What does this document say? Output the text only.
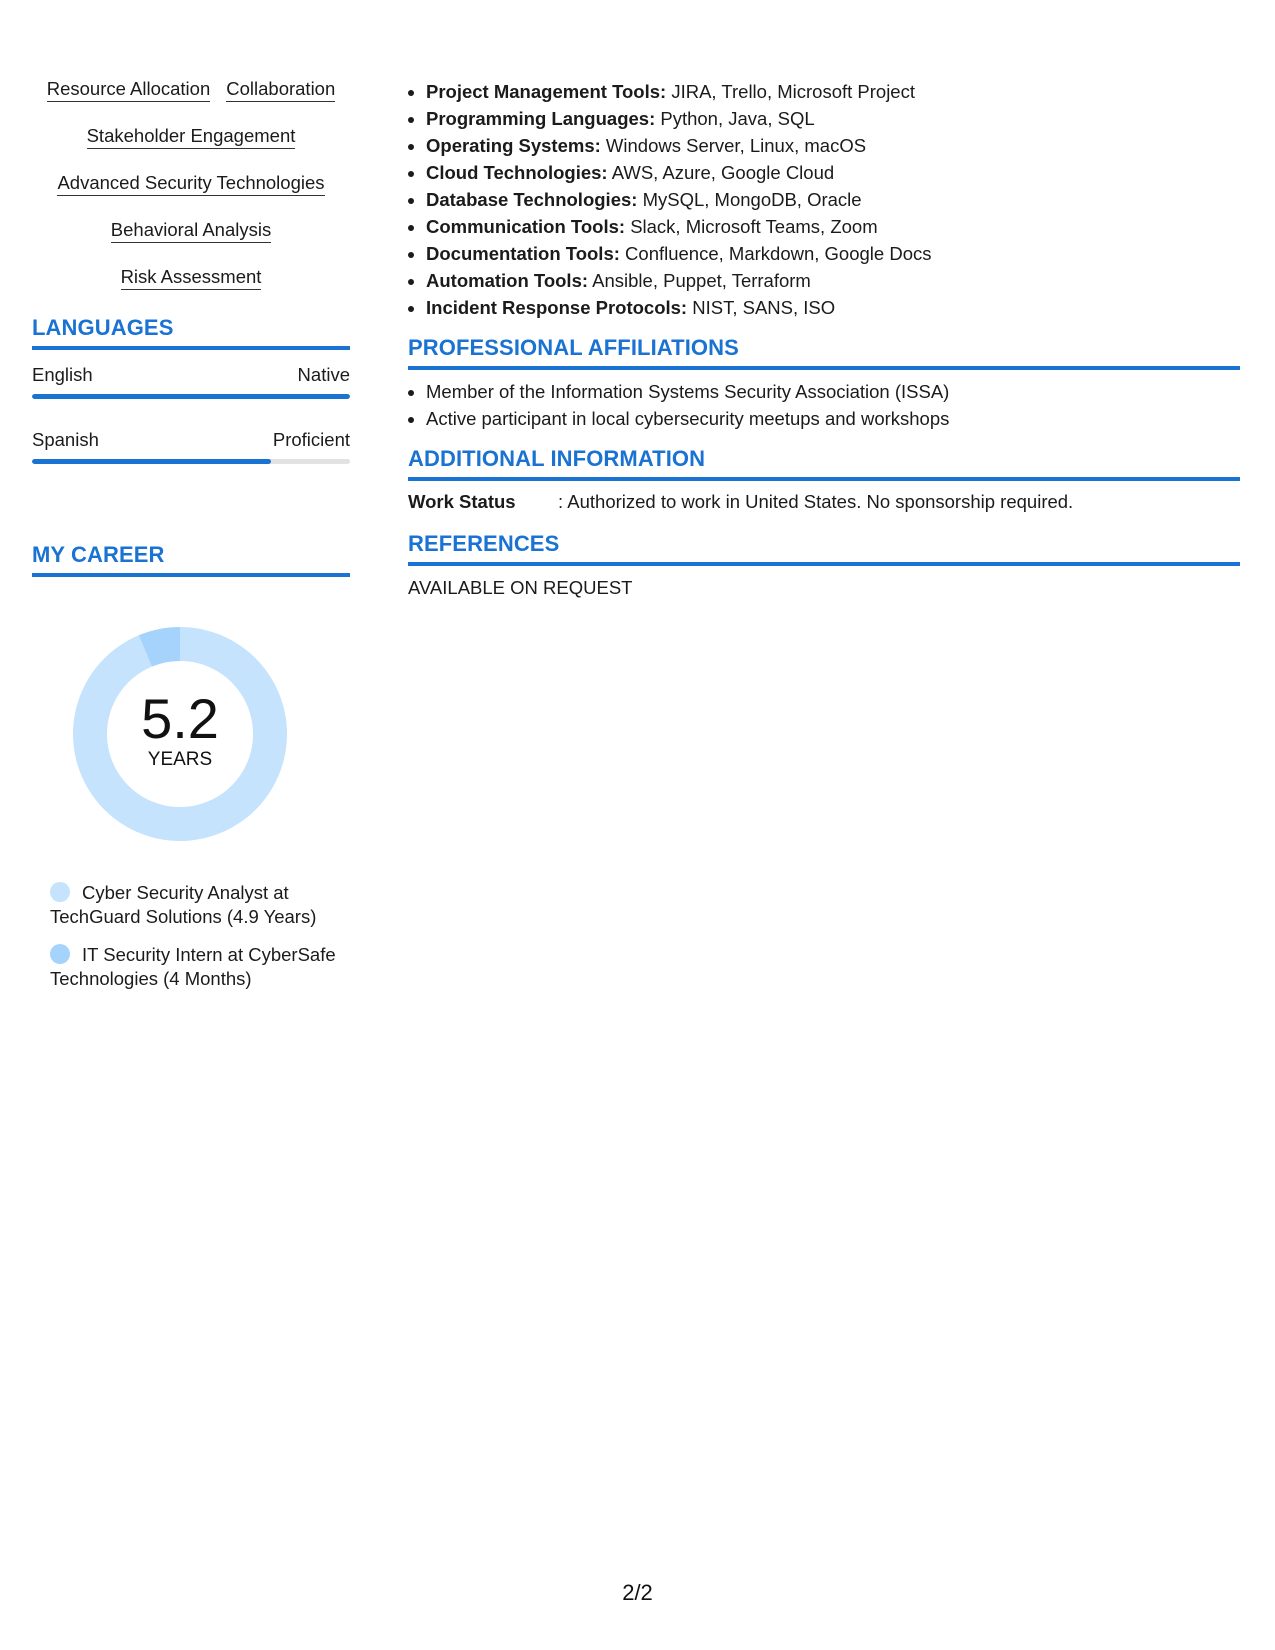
Resource Allocation Collaboration
Stakeholder Engagement
Advanced Security Technologies
Behavioral Analysis
Risk Assessment
LANGUAGES
English	Native
Spanish	Proficient
MY CAREER
5.2
YEARS
Cyber Security Analyst at TechGuard Solutions (4.9 Years)
IT Security Intern at CyberSafe Technologies (4 Months)
• Project Management Tools: JIRA, Trello, Microsoft Project
• Programming Languages: Python, Java, SQL
• Operating Systems: Windows Server, Linux, macOS
• Cloud Technologies: AWS, Azure, Google Cloud
• Database Technologies: MySQL, MongoDB, Oracle
• Communication Tools: Slack, Microsoft Teams, Zoom
• Documentation Tools: Confluence, Markdown, Google Docs
• Automation Tools: Ansible, Puppet, Terraform
• Incident Response Protocols: NIST, SANS, ISO
PROFESSIONAL AFFILIATIONS
• Member of the Information Systems Security Association (ISSA)
• Active participant in local cybersecurity meetups and workshops
ADDITIONAL INFORMATION
Work Status	: Authorized to work in United States. No sponsorship required.
REFERENCES
AVAILABLE ON REQUEST
2/2
